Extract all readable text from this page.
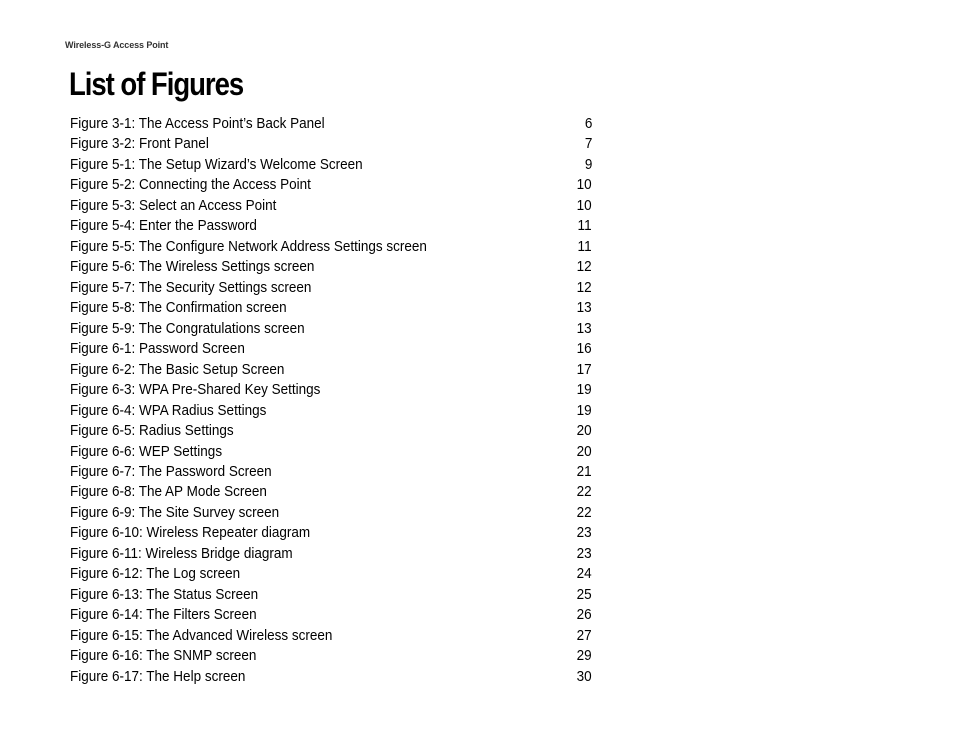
Wireless-G Access Point
List of Figures
Figure 3-1: The Access Point’s Back Panel	6
Figure 3-2: Front Panel	7
Figure 5-1: The Setup Wizard’s Welcome Screen	9
Figure 5-2: Connecting the Access Point	10
Figure 5-3: Select an Access Point	10
Figure 5-4: Enter the Password	11
Figure 5-5: The Configure Network Address Settings screen	11
Figure 5-6: The Wireless Settings screen	12
Figure 5-7: The Security Settings screen	12
Figure 5-8: The Confirmation screen	13
Figure 5-9: The Congratulations screen	13
Figure 6-1: Password Screen	16
Figure 6-2: The Basic Setup Screen	17
Figure 6-3: WPA Pre-Shared Key Settings	19
Figure 6-4: WPA Radius Settings	19
Figure 6-5: Radius Settings	20
Figure 6-6: WEP Settings	20
Figure 6-7: The Password Screen	21
Figure 6-8: The AP Mode Screen	22
Figure 6-9: The Site Survey screen	22
Figure 6-10: Wireless Repeater diagram	23
Figure 6-11: Wireless Bridge diagram	23
Figure 6-12: The Log screen	24
Figure 6-13: The Status Screen	25
Figure 6-14: The Filters Screen	26
Figure 6-15: The Advanced Wireless screen	27
Figure 6-16: The SNMP screen	29
Figure 6-17: The Help screen	30
